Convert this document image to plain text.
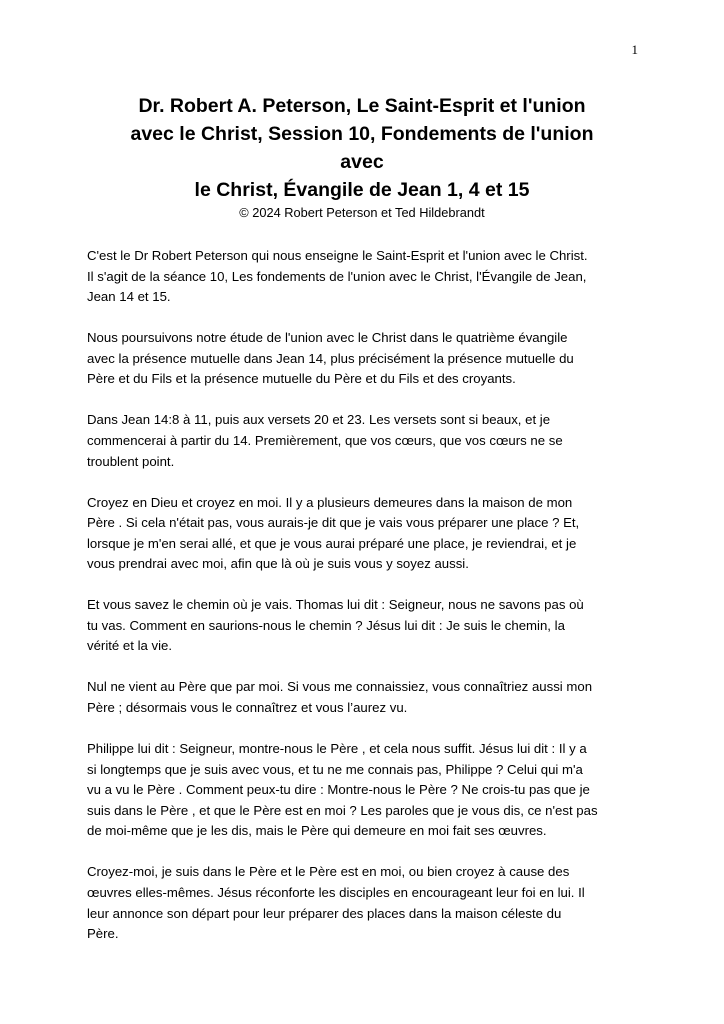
1
Dr. Robert A. Peterson, Le Saint-Esprit et l'union
avec le Christ, Session 10, Fondements de l'union
avec
le Christ, Évangile de Jean 1, 4 et 15
© 2024 Robert Peterson et Ted Hildebrandt

C'est le Dr Robert Peterson qui nous enseigne le Saint-Esprit et l'union avec le Christ.
Il s'agit de la séance 10, Les fondements de l'union avec le Christ, l'Évangile de Jean,
Jean 14 et 15.

Nous poursuivons notre étude de l'union avec le Christ dans le quatrième évangile
avec la présence mutuelle dans Jean 14, plus précisément la présence mutuelle du
Père et du Fils et la présence mutuelle du Père et du Fils et des croyants.

Dans Jean 14:8 à 11, puis aux versets 20 et 23. Les versets sont si beaux, et je
commencerai à partir du 14. Premièrement, que vos cœurs, que vos cœurs ne se
troublent point.

Croyez en Dieu et croyez en moi. Il y a plusieurs demeures dans la maison de mon
Père . Si cela n'était pas, vous aurais-je dit que je vais vous préparer une place ? Et,
lorsque je m'en serai allé, et que je vous aurai préparé une place, je reviendrai, et je
vous prendrai avec moi, afin que là où je suis vous y soyez aussi.

Et vous savez le chemin où je vais. Thomas lui dit : Seigneur, nous ne savons pas où
tu vas. Comment en saurions-nous le chemin ? Jésus lui dit : Je suis le chemin, la
vérité et la vie.

Nul ne vient au Père que par moi. Si vous me connaissiez, vous connaîtriez aussi mon
Père ; désormais vous le connaîtrez et vous l’aurez vu.

Philippe lui dit : Seigneur, montre-nous le Père , et cela nous suffit. Jésus lui dit : Il y a
si longtemps que je suis avec vous, et tu ne me connais pas, Philippe ? Celui qui m'a
vu a vu le Père . Comment peux-tu dire : Montre-nous le Père ? Ne crois-tu pas que je
suis dans le Père , et que le Père est en moi ? Les paroles que je vous dis, ce n'est pas
de moi-même que je les dis, mais le Père qui demeure en moi fait ses œuvres.

Croyez-moi, je suis dans le Père et le Père est en moi, ou bien croyez à cause des
œuvres elles-mêmes. Jésus réconforte les disciples en encourageant leur foi en lui. Il
leur annonce son départ pour leur préparer des places dans la maison céleste du
Père.
